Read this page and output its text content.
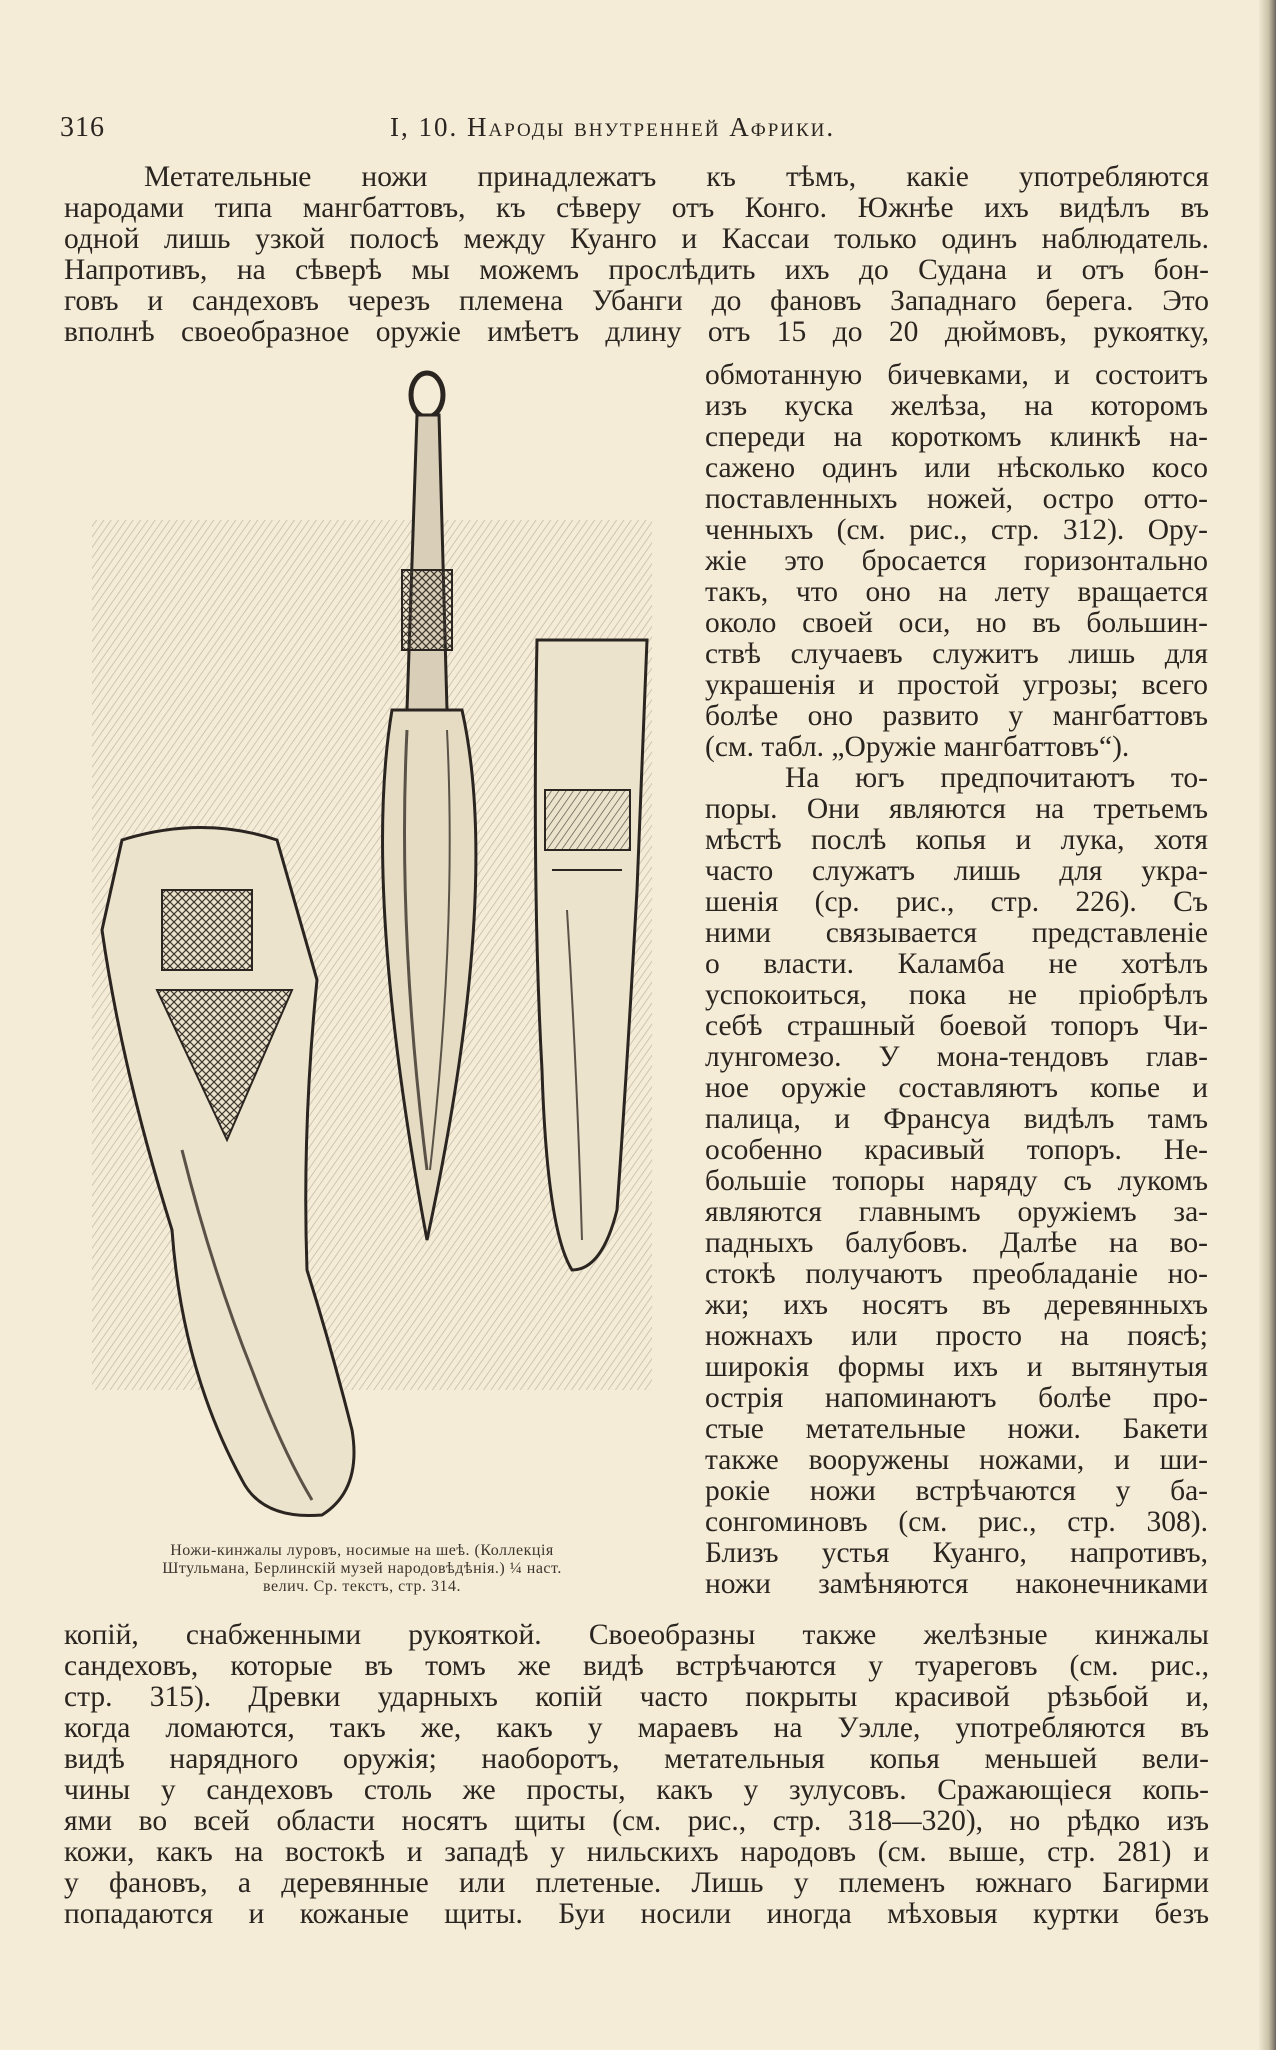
316	I, 10. Народы внутренней Африки.
Метательные ножи принадлежатъ къ тѣмъ, какіе употребляются
народами типа мангбаттовъ, къ сѣверу отъ Конго. Южнѣе ихъ видѣлъ въ
одной лишь узкой полосѣ между Куанго и Кассаи только одинъ наблюдатель.
Напротивъ, на сѣверѣ мы можемъ прослѣдить ихъ до Судана и отъ бон-
говъ и сандеховъ черезъ племена Убанги до фановъ Западнаго берега. Это
вполнѣ своеобразное оружіе имѣетъ длину отъ 15 до 20 дюймовъ, рукоятку,
Ножи-кинжалы луровъ, носимые на шеѣ. (Коллекція
Штульмана, Берлинскій музей народовѣдѣнія.) ¼ наст.
велич. Ср. текстъ, стр. 314.
обмотанную бичевками, и состоитъ
изъ куска желѣза, на которомъ
спереди на короткомъ клинкѣ на-
сажено одинъ или нѣсколько косо
поставленныхъ ножей, остро отто-
ченныхъ (см. рис., стр. 312). Ору-
жіе это бросается горизонтально
такъ, что оно на лету вращается
около своей оси, но въ большин-
ствѣ случаевъ служитъ лишь для
украшенія и простой угрозы; всего
болѣе оно развито у мангбаттовъ
(см. табл. „Оружіе мангбаттовъ“).
На югъ предпочитаютъ то-
поры. Они являются на третьемъ
мѣстѣ послѣ копья и лука, хотя
часто служатъ лишь для укра-
шенія (ср. рис., стр. 226). Съ
ними связывается представленіе
о власти. Каламба не хотѣлъ
успокоиться, пока не пріобрѣлъ
себѣ страшный боевой топоръ Чи-
лунгомезо. У мона-тендовъ глав-
ное оружіе составляютъ копье и
палица, и Франсуа видѣлъ тамъ
особенно красивый топоръ. Не-
большіе топоры наряду съ лукомъ
являются главнымъ оружіемъ за-
падныхъ балубовъ. Далѣе на во-
стокѣ получаютъ преобладаніе но-
жи; ихъ носятъ въ деревянныхъ
ножнахъ или просто на поясѣ;
широкія формы ихъ и вытянутыя
острія напоминаютъ болѣе про-
стые метательные ножи. Бакети
также вооружены ножами, и ши-
рокіе ножи встрѣчаются у ба-
сонгоминовъ (см. рис., стр. 308).
Близъ устья Куанго, напротивъ,
ножи замѣняются наконечниками
копій, снабженными рукояткой. Своеобразны также желѣзные кинжалы
сандеховъ, которые въ томъ же видѣ встрѣчаются у туареговъ (см. рис.,
стр. 315). Древки ударныхъ копій часто покрыты красивой рѣзьбой и,
когда ломаются, такъ же, какъ у мараевъ на Уэлле, употребляются въ
видѣ нарядного оружія; наоборотъ, метательныя копья меньшей вели-
чины у сандеховъ столь же просты, какъ у зулусовъ. Сражающіеся копь-
ями во всей области носятъ щиты (см. рис., стр. 318—320), но рѣдко изъ
кожи, какъ на востокѣ и западѣ у нильскихъ народовъ (см. выше, стр. 281) и
у фановъ, а деревянные или плетеные. Лишь у племенъ южнаго Багирми
попадаются и кожаные щиты. Буи носили иногда мѣховыя куртки безъ
